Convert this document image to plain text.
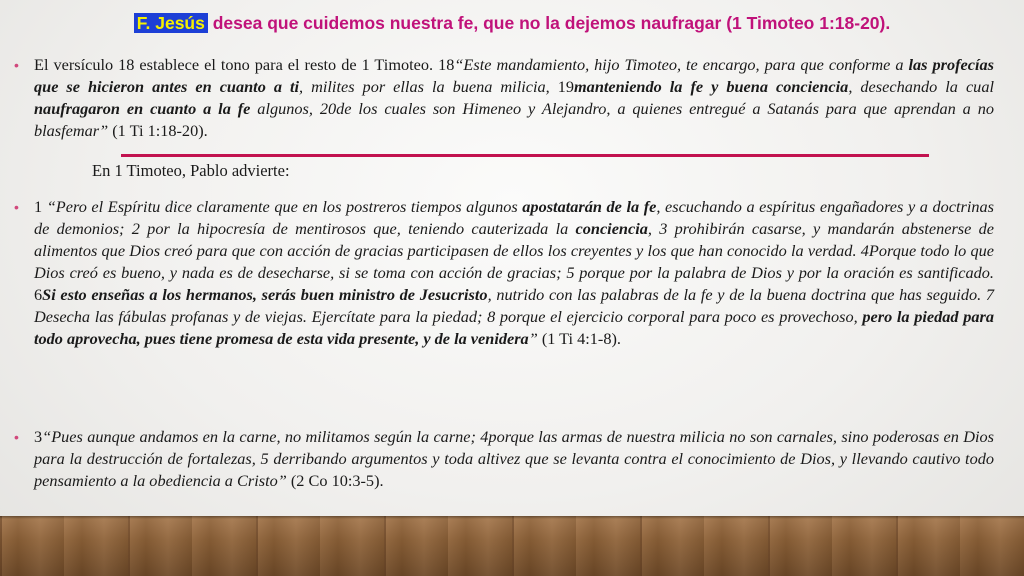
F. Jesús desea que cuidemos nuestra fe, que no la dejemos naufragar (1 Timoteo 1:18-20).
• El versículo 18 establece el tono para el resto de 1 Timoteo. 18“Este mandamiento, hijo Timoteo, te encargo, para que conforme a las profecías que se hicieron antes en cuanto a ti, milites por ellas la buena milicia, 19manteniendo la fe y buena conciencia, desechando la cual naufragaron en cuanto a la fe algunos, 20de los cuales son Himeneo y Alejandro, a quienes entregué a Satanás para que aprendan a no blasfemar” (1 Ti 1:18-20).
En 1 Timoteo, Pablo advierte:
• 1 “Pero el Espíritu dice claramente que en los postreros tiempos algunos apostatarán de la fe, escuchando a espíritus engañadores y a doctrinas de demonios; 2 por la hipocresía de mentirosos que, teniendo cauterizada la conciencia, 3 prohibirán casarse, y mandarán abstenerse de alimentos que Dios creó para que con acción de gracias participasen de ellos los creyentes y los que han conocido la verdad. 4Porque todo lo que Dios creó es bueno, y nada es de desecharse, si se toma con acción de gracias; 5 porque por la palabra de Dios y por la oración es santificado. 6Si esto enseñas a los hermanos, serás buen ministro de Jesucristo, nutrido con las palabras de la fe y de la buena doctrina que has seguido. 7 Desecha las fábulas profanas y de viejas. Ejercítate para la piedad; 8 porque el ejercicio corporal para poco es provechoso, pero la piedad para todo aprovecha, pues tiene promesa de esta vida presente, y de la venidera” (1 Ti 4:1-8).
• 3“Pues aunque andamos en la carne, no militamos según la carne; 4porque las armas de nuestra milicia no son carnales, sino poderosas en Dios para la destrucción de fortalezas, 5 derribando argumentos y toda altivez que se levanta contra el conocimiento de Dios, y llevando cautivo todo pensamiento a la obediencia a Cristo” (2 Co 10:3-5).
